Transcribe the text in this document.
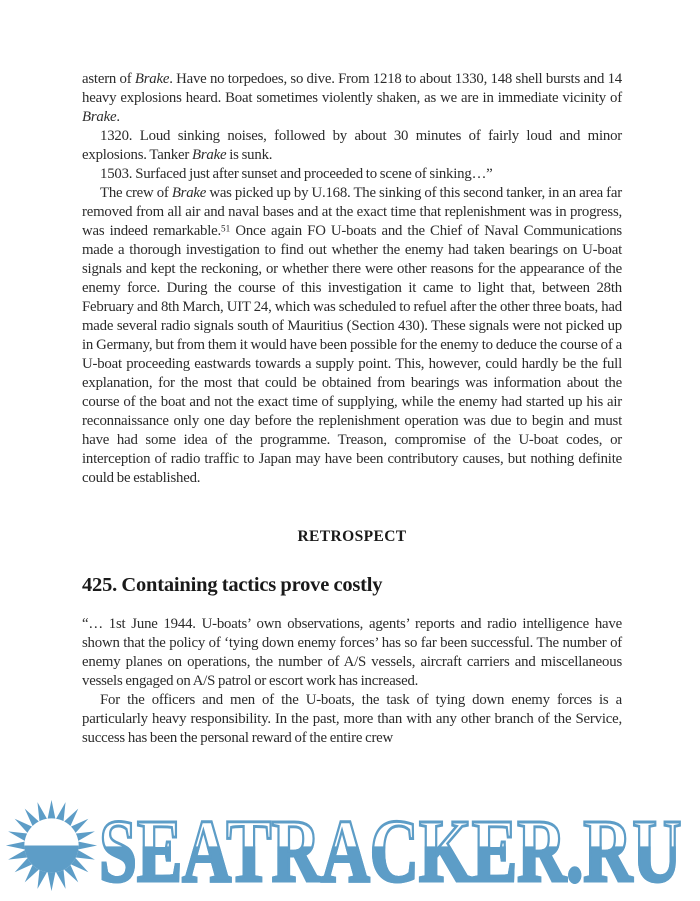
astern of Brake. Have no torpedoes, so dive. From 1218 to about 1330, 148 shell bursts and 14 heavy explosions heard. Boat sometimes violently shaken, as we are in immediate vicinity of Brake.

1320. Loud sinking noises, followed by about 30 minutes of fairly loud and minor explosions. Tanker Brake is sunk.

1503. Surfaced just after sunset and proceeded to scene of sinking…”

The crew of Brake was picked up by U.168. The sinking of this second tanker, in an area far removed from all air and naval bases and at the exact time that replenishment was in progress, was indeed remarkable.$^{51}$ Once again FO U-boats and the Chief of Naval Communications made a thorough investigation to find out whether the enemy had taken bearings on U-boat signals and kept the reckoning, or whether there were other reasons for the appearance of the enemy force. During the course of this investigation it came to light that, between 28th February and 8th March, UIT 24, which was scheduled to refuel after the other three boats, had made several radio signals south of Mauritius (Section 430). These signals were not picked up in Germany, but from them it would have been possible for the enemy to deduce the course of a U-boat proceeding eastwards towards a supply point. This, however, could hardly be the full explanation, for the most that could be obtained from bearings was information about the course of the boat and not the exact time of supplying, while the enemy had started up his air reconnaissance only one day before the replenishment operation was due to begin and must have had some idea of the programme. Treason, compromise of the U-boat codes, or interception of radio traffic to Japan may have been contributory causes, but nothing definite could be established.

RETROSPECT
425. Containing tactics prove costly

“… 1st June 1944. U-boats’ own observations, agents’ reports and radio intelligence have shown that the policy of ‘tying down enemy forces’ has so far been successful. The number of enemy planes on operations, the number of A/S vessels, aircraft carriers and miscellaneous vessels engaged on A/S patrol or escort work has increased.

For the officers and men of the U-boats, the task of tying down enemy forces is a particularly heavy responsibility. In the past, more than with any other branch of the Service, success has been the personal reward of the entire crew

SEATRACKER.RU
